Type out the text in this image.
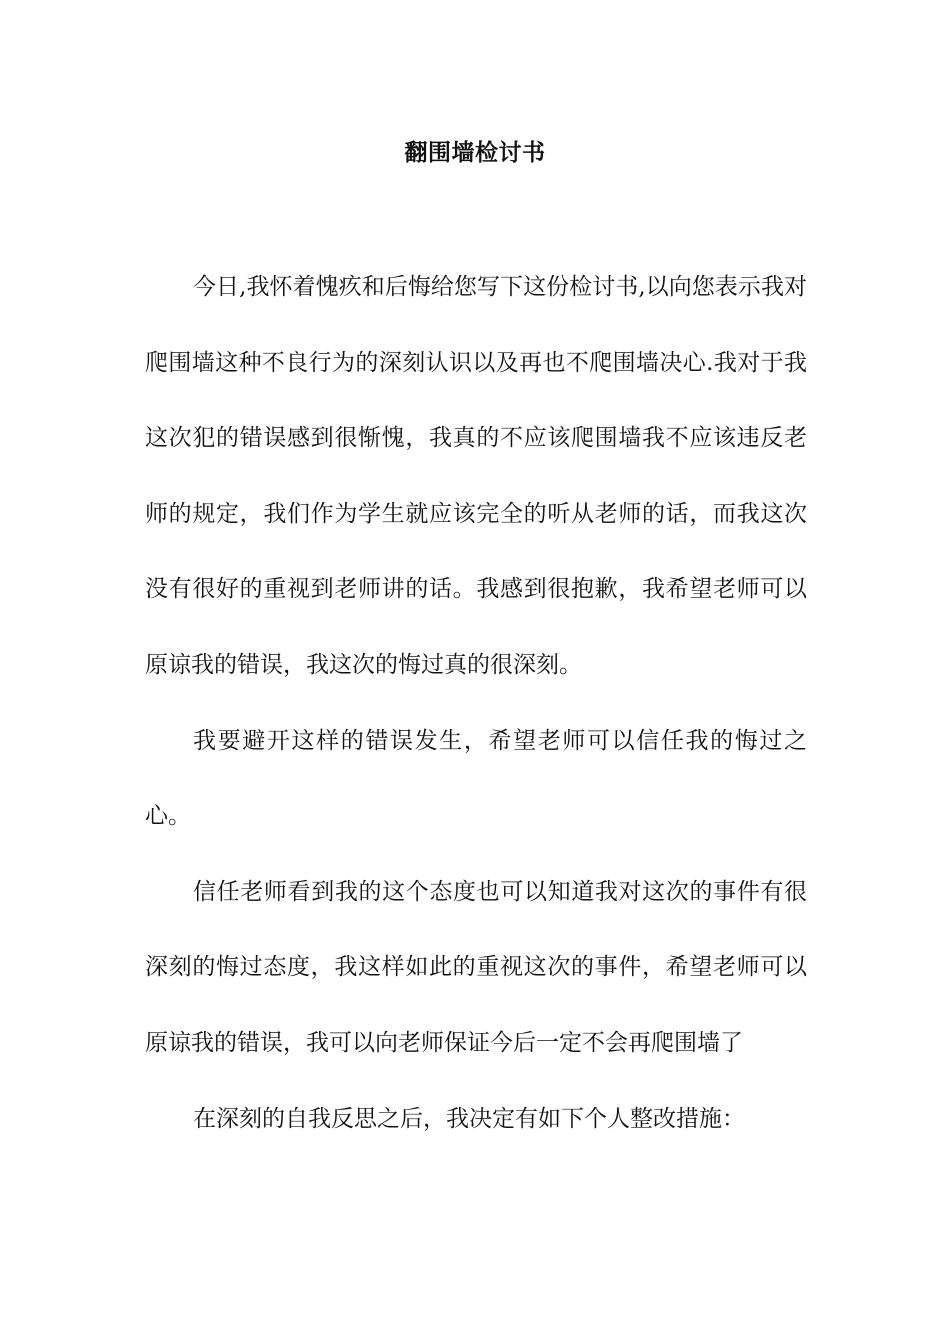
翻围墙检讨书

今日,我怀着愧疚和后悔给您写下这份检讨书,以向您表示我对爬围墙这种不良行为的深刻认识以及再也不爬围墙决心.我对于我这次犯的错误感到很惭愧，我真的不应该爬围墙我不应该违反老师的规定，我们作为学生就应该完全的听从老师的话，而我这次没有很好的重视到老师讲的话。我感到很抱歉，我希望老师可以原谅我的错误，我这次的悔过真的很深刻。

我要避开这样的错误发生，希望老师可以信任我的悔过之心。

信任老师看到我的这个态度也可以知道我对这次的事件有很深刻的悔过态度，我这样如此的重视这次的事件，希望老师可以原谅我的错误，我可以向老师保证今后一定不会再爬围墙了

在深刻的自我反思之后，我决定有如下个人整改措施：
